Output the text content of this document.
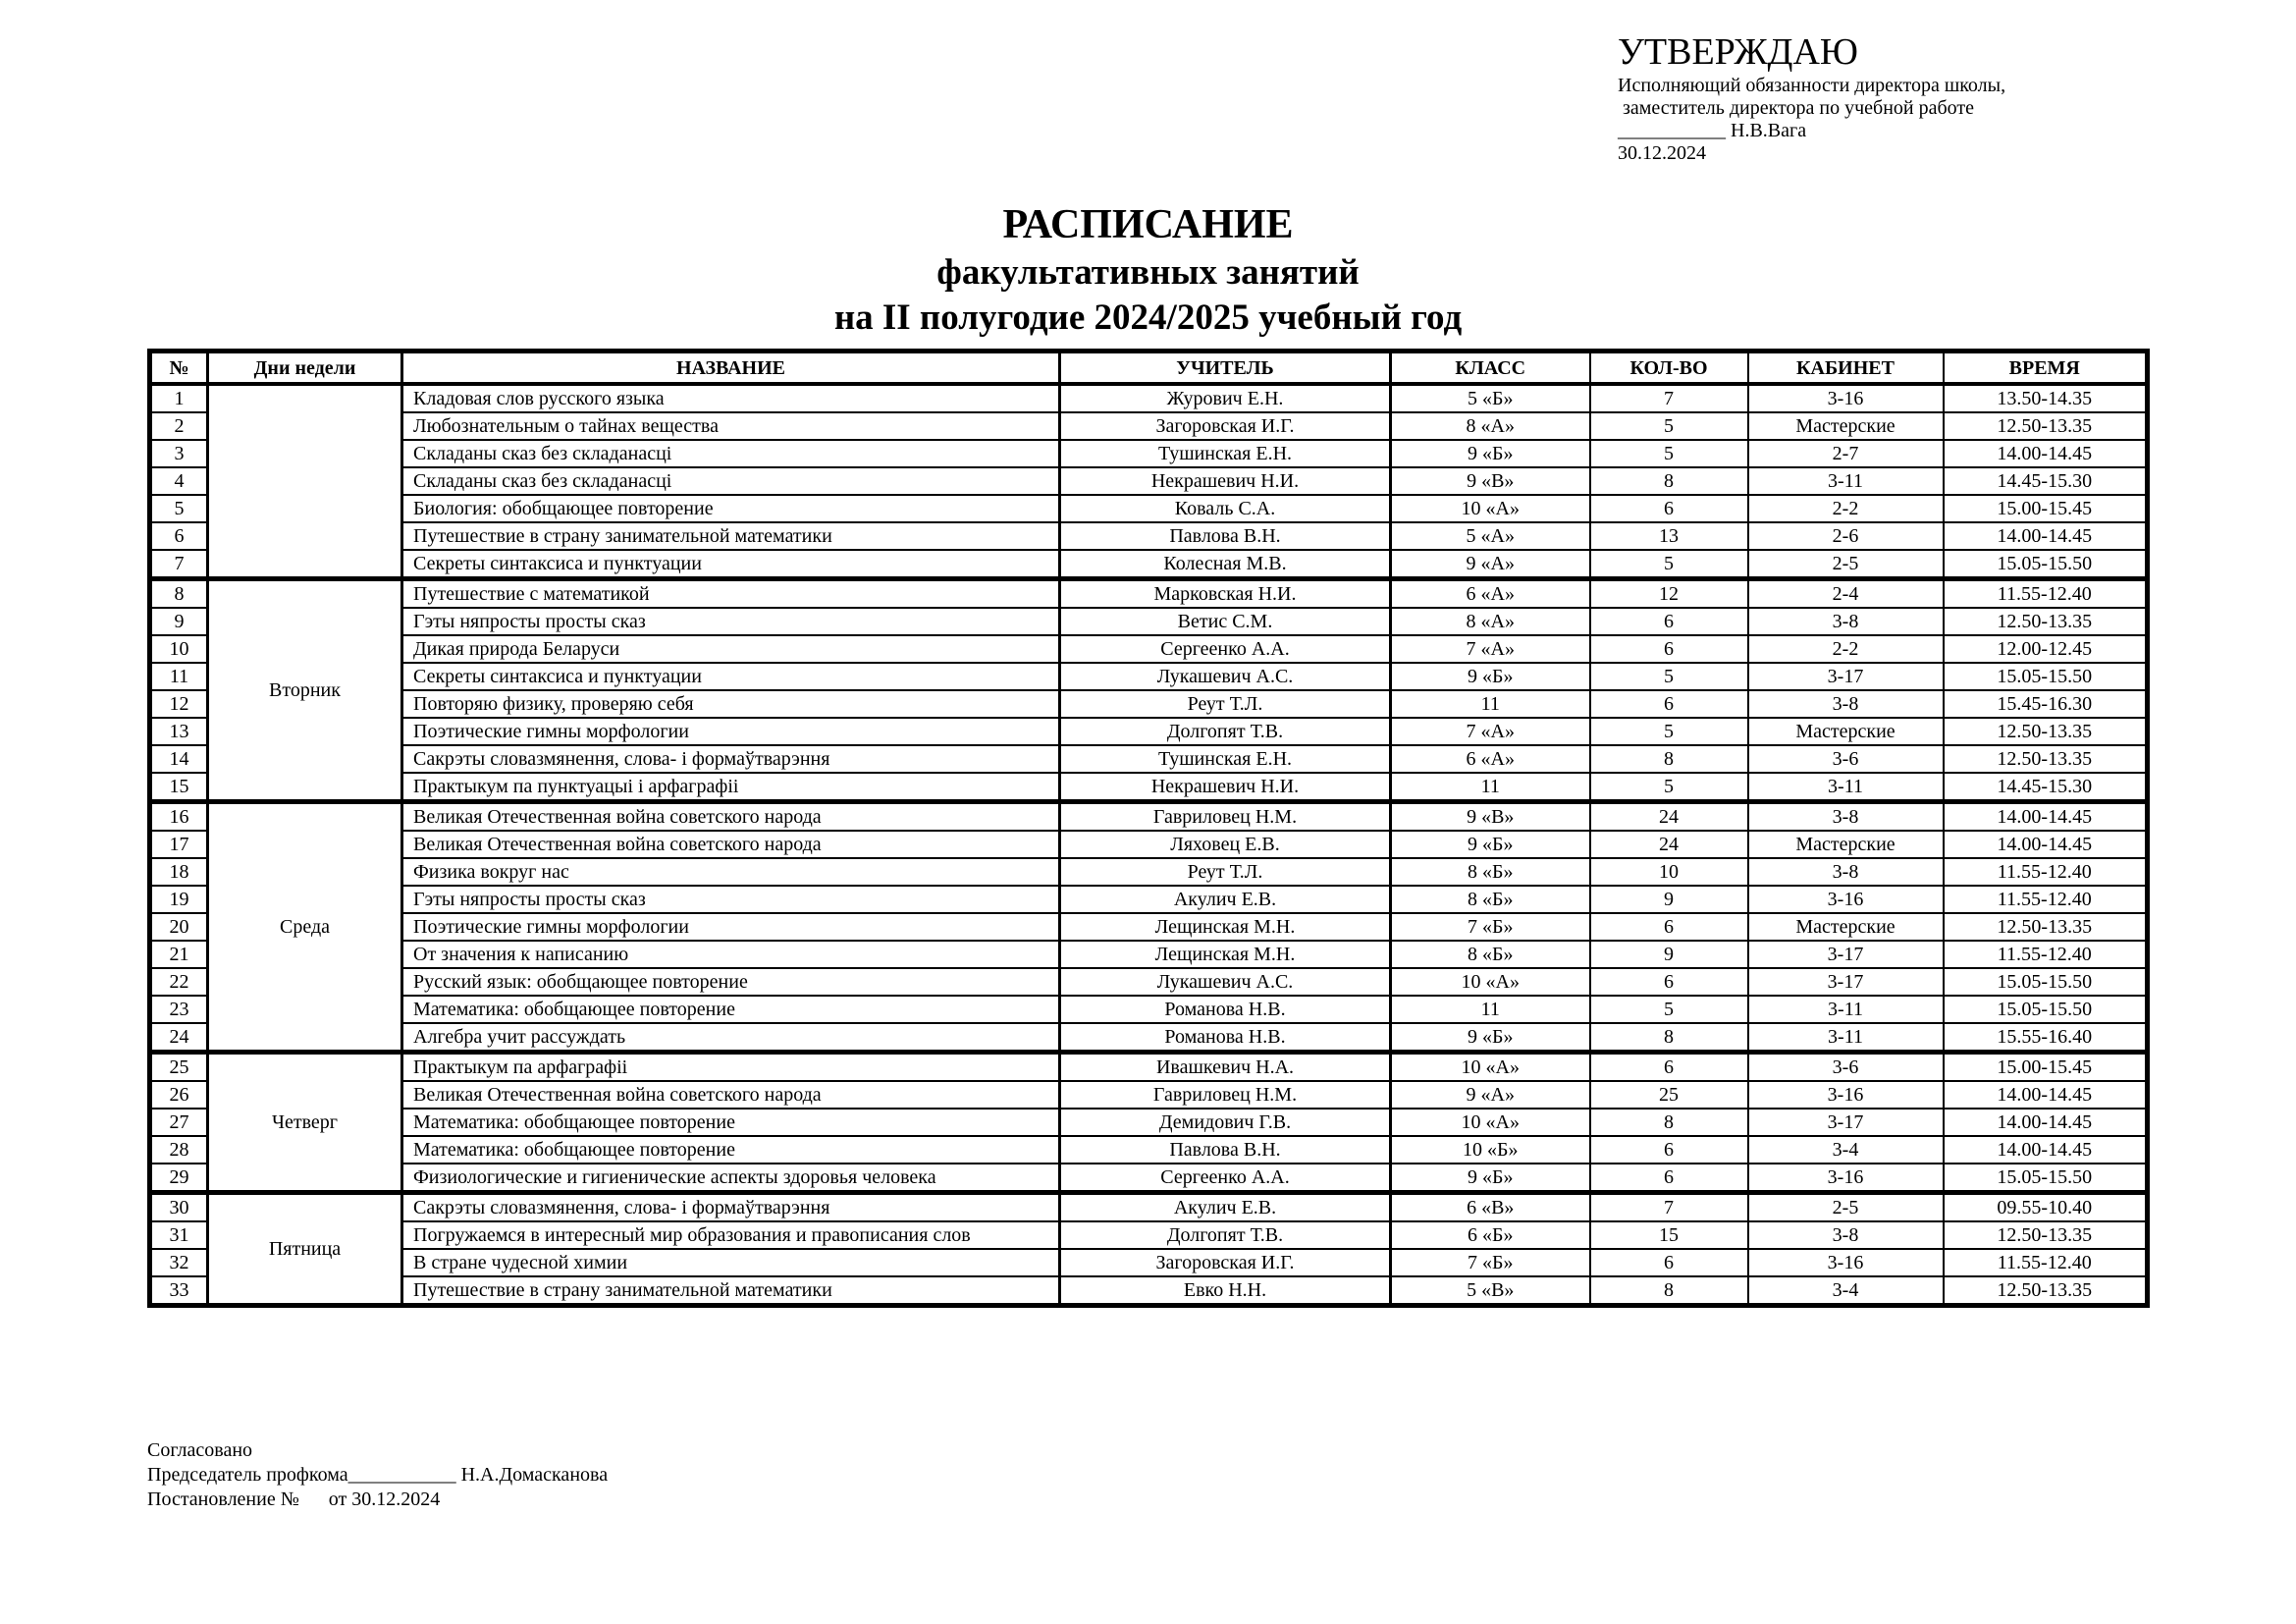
УТВЕРЖДАЮ
Исполняющий обязанности директора школы,
заместитель директора по учебной работе
___________ Н.В.Вага
30.12.2024
РАСПИСАНИЕ
факультативных занятий
на II полугодие 2024/2025 учебный год
№	Дни недели	НАЗВАНИЕ	УЧИТЕЛЬ	КЛАСС	КОЛ-ВО	КАБИНЕТ	ВРЕМЯ
1		Кладовая слов русского языка	Журович Е.Н.	5 «Б»	7	3-16	13.50-14.35
2		Любознательным о тайнах вещества	Загоровская И.Г.	8 «А»	5	Мастерские	12.50-13.35
3		Складаны сказ без складанасці	Тушинская Е.Н.	9 «Б»	5	2-7	14.00-14.45
4		Складаны сказ без складанасці	Некрашевич Н.И.	9 «В»	8	3-11	14.45-15.30
5		Биология: обобщающее повторение	Коваль С.А.	10 «А»	6	2-2	15.00-15.45
6		Путешествие в страну занимательной математики	Павлова В.Н.	5 «А»	13	2-6	14.00-14.45
7		Секреты синтаксиса и пунктуации	Колесная М.В.	9 «А»	5	2-5	15.05-15.50
8	Вторник	Путешествие с математикой	Марковская Н.И.	6 «А»	12	2-4	11.55-12.40
9		Гэты няпросты просты сказ	Ветис С.М.	8 «А»	6	3-8	12.50-13.35
10		Дикая природа Беларуси	Сергеенко А.А.	7 «А»	6	2-2	12.00-12.45
11		Секреты синтаксиса и пунктуации	Лукашевич А.С.	9 «Б»	5	3-17	15.05-15.50
12		Повторяю физику, проверяю себя	Реут Т.Л.	11	6	3-8	15.45-16.30
13		Поэтические гимны морфологии	Долгопят Т.В.	7 «А»	5	Мастерские	12.50-13.35
14		Сакрэты словазмянення, слова- і формаўтварэння	Тушинская Е.Н.	6 «А»	8	3-6	12.50-13.35
15		Практыкум па пунктуацыі і арфаграфіі	Некрашевич Н.И.	11	5	3-11	14.45-15.30
16	Среда	Великая Отечественная война советского народа	Гавриловец Н.М.	9 «В»	24	3-8	14.00-14.45
17		Великая Отечественная война советского народа	Ляховец Е.В.	9 «Б»	24	Мастерские	14.00-14.45
18		Физика вокруг нас	Реут Т.Л.	8 «Б»	10	3-8	11.55-12.40
19		Гэты няпросты просты сказ	Акулич Е.В.	8 «Б»	9	3-16	11.55-12.40
20		Поэтические гимны морфологии	Лещинская М.Н.	7 «Б»	6	Мастерские	12.50-13.35
21		От значения к написанию	Лещинская М.Н.	8 «Б»	9	3-17	11.55-12.40
22		Русский язык: обобщающее повторение	Лукашевич А.С.	10 «А»	6	3-17	15.05-15.50
23		Математика: обобщающее повторение	Романова Н.В.	11	5	3-11	15.05-15.50
24		Алгебра учит рассуждать	Романова Н.В.	9 «Б»	8	3-11	15.55-16.40
25	Четверг	Практыкум па арфаграфіі	Ивашкевич Н.А.	10 «А»	6	3-6	15.00-15.45
26		Великая Отечественная война советского народа	Гавриловец Н.М.	9 «А»	25	3-16	14.00-14.45
27		Математика: обобщающее повторение	Демидович Г.В.	10 «А»	8	3-17	14.00-14.45
28		Математика: обобщающее повторение	Павлова В.Н.	10 «Б»	6	3-4	14.00-14.45
29		Физиологические и гигиенические аспекты здоровья человека	Сергеенко А.А.	9 «Б»	6	3-16	15.05-15.50
30	Пятница	Сакрэты словазмянення, слова- і формаўтварэння	Акулич Е.В.	6 «В»	7	2-5	09.55-10.40
31		Погружаемся в интересный мир образования и правописания слов	Долгопят Т.В.	6 «Б»	15	3-8	12.50-13.35
32		В стране чудесной химии	Загоровская И.Г.	7 «Б»	6	3-16	11.55-12.40
33		Путешествие в страну занимательной математики	Евко Н.Н.	5 «В»	8	3-4	12.50-13.35
Согласовано
Председатель профкома___________ Н.А.Домасканова
Постановление №      от 30.12.2024
